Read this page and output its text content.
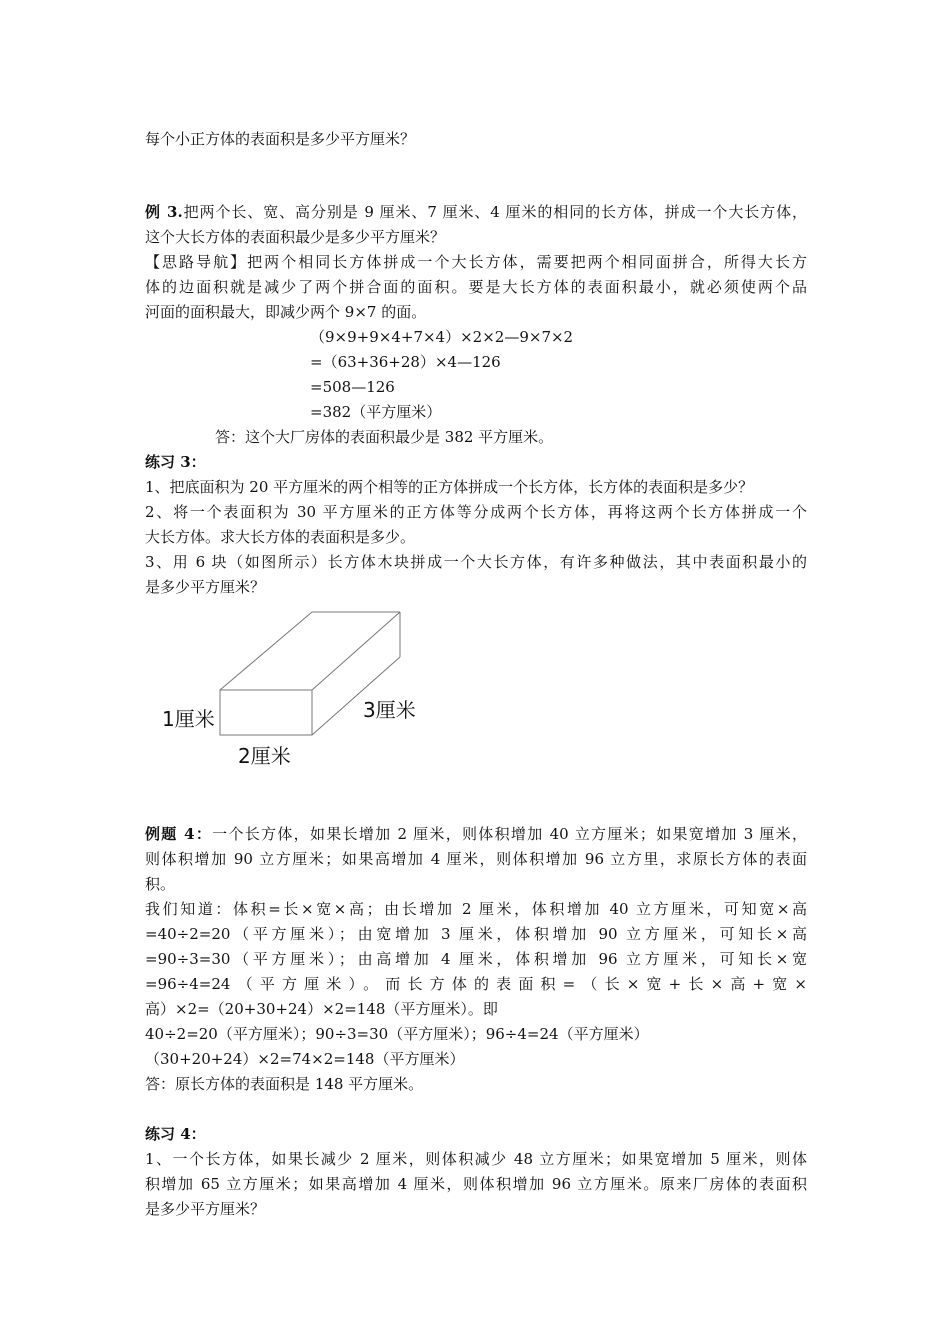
每个小正方体的表面积是多少平方厘米？
例 3.把两个长、宽、高分别是 9 厘米、7 厘米、4 厘米的相同的长方体，拼成一个大长方体，
这个大长方体的表面积最少是多少平方厘米？
【思路导航】把两个相同长方体拼成一个大长方体，需要把两个相同面拼合，所得大长方
体的边面积就是减少了两个拼合面的面积。要是大长方体的表面积最小，就必须使两个品
河面的面积最大，即减少两个 9×7 的面。
（9×9+9×4+7×4）×2×2—9×7×2
=（63+36+28）×4—126
=508—126
=382（平方厘米）
答：这个大厂房体的表面积最少是 382 平方厘米。
练习 3：
1、把底面积为 20 平方厘米的两个相等的正方体拼成一个长方体，长方体的表面积是多少？
2、将一个表面积为 30 平方厘米的正方体等分成两个长方体，再将这两个长方体拼成一个
大长方体。求大长方体的表面积是多少。
3、用 6 块（如图所示）长方体木块拼成一个大长方体，有许多种做法，其中表面积最小的
是多少平方厘米？
1厘米
2厘米
3厘米
例题 4：一个长方体，如果长增加 2 厘米，则体积增加 40 立方厘米；如果宽增加 3 厘米，
则体积增加 90 立方厘米；如果高增加 4 厘米，则体积增加 96 立方里，求原长方体的表面
积。
我们知道：体积=长×宽×高；由长增加 2 厘米，体积增加 40 立方厘米，可知宽×高
=40÷2=20（平方厘米）；由宽增加 3 厘米，体积增加 90 立方厘米，可知长×高
=90÷3=30（平方厘米）；由高增加 4 厘米，体积增加 96 立方厘米，可知长×宽
=96÷4=24（平方厘米）。而长方体的表面积=（长×宽+长×高+宽×
高）×2=（20+30+24）×2=148（平方厘米）。即
40÷2=20（平方厘米）；90÷3=30（平方厘米）；96÷4=24（平方厘米）
（30+20+24）×2=74×2=148（平方厘米）
答：原长方体的表面积是 148 平方厘米。
练习 4：
1、一个长方体，如果长减少 2 厘米，则体积减少 48 立方厘米；如果宽增加 5 厘米，则体
积增加 65 立方厘米；如果高增加 4 厘米，则体积增加 96 立方厘米。原来厂房体的表面积
是多少平方厘米？
